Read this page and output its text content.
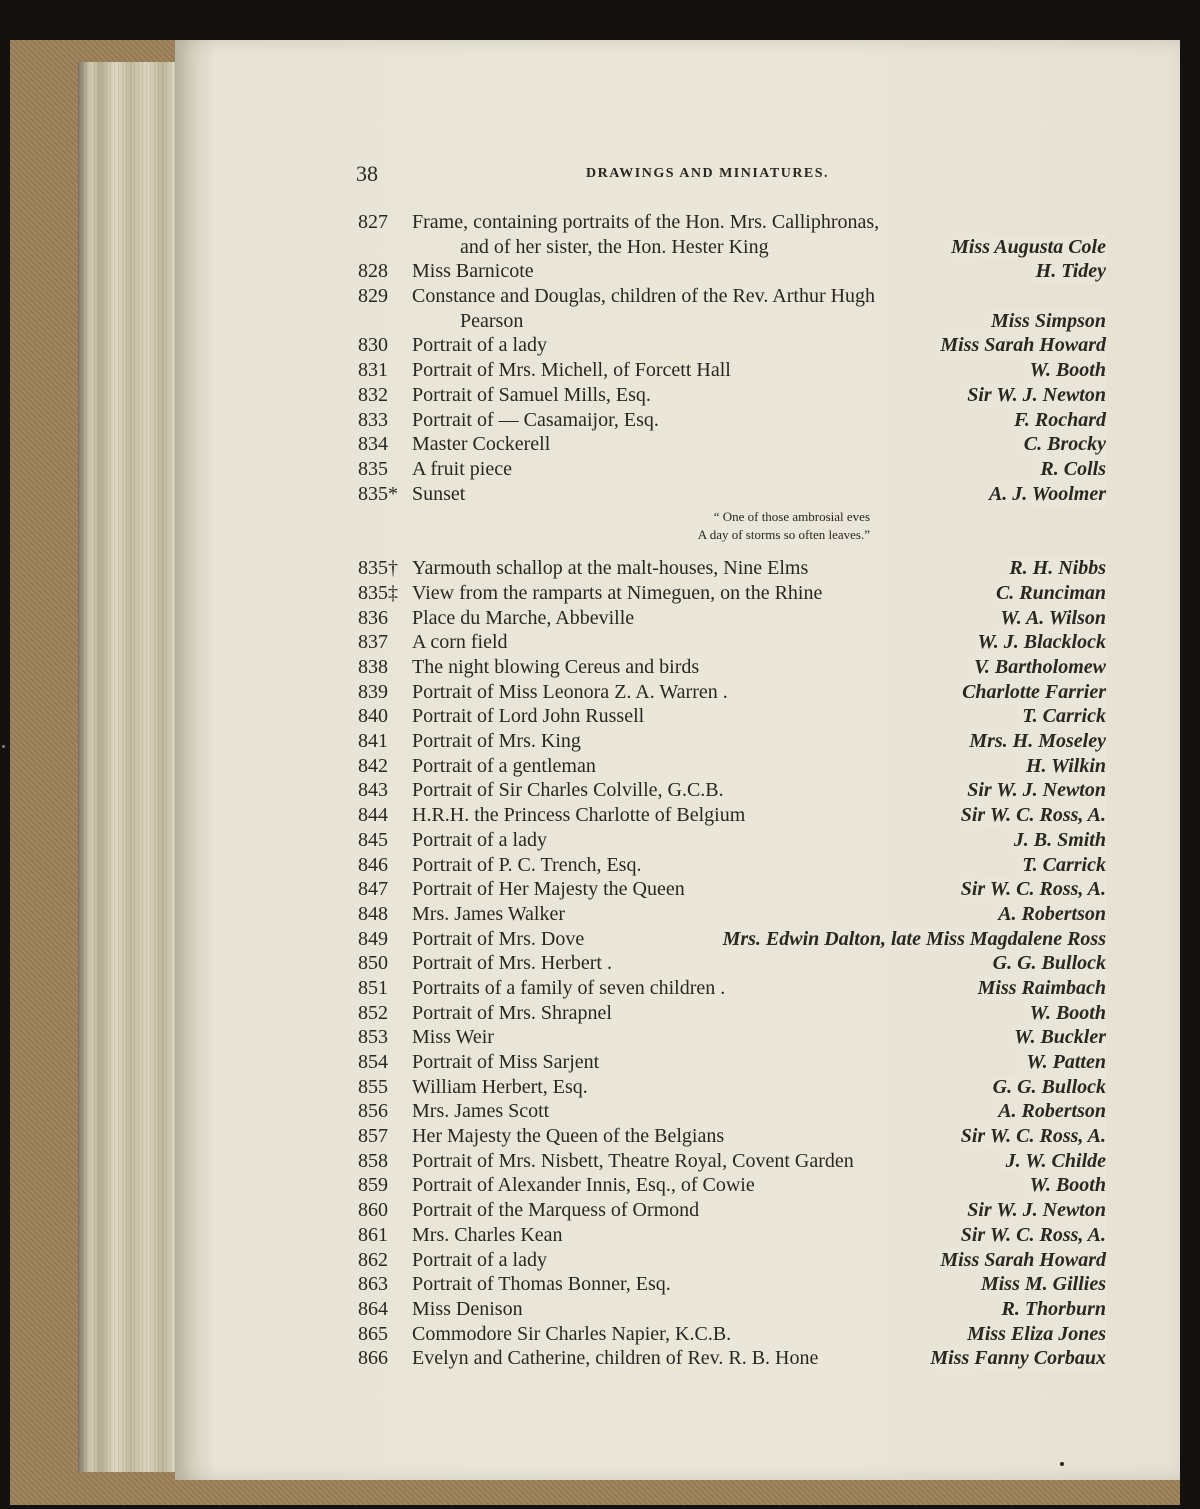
38	DRAWINGS AND MINIATURES.
827	Frame, containing portraits of the Hon. Mrs. Calliphronas,
and of her sister, the Hon. Hester King	Miss Augusta Cole
828	Miss Barnicote	H. Tidey
829	Constance and Douglas, children of the Rev. Arthur Hugh
Pearson	Miss Simpson
830	Portrait of a lady	Miss Sarah Howard
831	Portrait of Mrs. Michell, of Forcett Hall	W. Booth
832	Portrait of Samuel Mills, Esq.	Sir W. J. Newton
833	Portrait of — Casamaijor, Esq.	F. Rochard
834	Master Cockerell	C. Brocky
835	A fruit piece	R. Colls
835* Sunset	A. J. Woolmer
“ One of those ambrosial eves
A day of storms so often leaves.”
835† Yarmouth schallop at the malt-houses, Nine Elms	R. H. Nibbs
835‡ View from the ramparts at Nimeguen, on the Rhine	C. Runciman
836	Place du Marche, Abbeville	W. A. Wilson
837	A corn field	W. J. Blacklock
838	The night blowing Cereus and birds	V. Bartholomew
839	Portrait of Miss Leonora Z. A. Warren .	Charlotte Farrier
840	Portrait of Lord John Russell	T. Carrick
841	Portrait of Mrs. King	Mrs. H. Moseley
842	Portrait of a gentleman	H. Wilkin
843	Portrait of Sir Charles Colville, G.C.B.	Sir W. J. Newton
844	H.R.H. the Princess Charlotte of Belgium	Sir W. C. Ross, A.
845	Portrait of a lady	J. B. Smith
846	Portrait of P. C. Trench, Esq.	T. Carrick
847	Portrait of Her Majesty the Queen	Sir W. C. Ross, A.
848	Mrs. James Walker	A. Robertson
849	Portrait of Mrs. Dove	Mrs. Edwin Dalton, late Miss Magdalene Ross
850	Portrait of Mrs. Herbert .	G. G. Bullock
851	Portraits of a family of seven children .	Miss Raimbach
852	Portrait of Mrs. Shrapnel	W. Booth
853	Miss Weir	W. Buckler
854	Portrait of Miss Sarjent	W. Patten
855	William Herbert, Esq.	G. G. Bullock
856	Mrs. James Scott	A. Robertson
857	Her Majesty the Queen of the Belgians	Sir W. C. Ross, A.
858	Portrait of Mrs. Nisbett, Theatre Royal, Covent Garden	J. W. Childe
859	Portrait of Alexander Innis, Esq., of Cowie	W. Booth
860	Portrait of the Marquess of Ormond	Sir W. J. Newton
861	Mrs. Charles Kean	Sir W. C. Ross, A.
862	Portrait of a lady	Miss Sarah Howard
863	Portrait of Thomas Bonner, Esq.	Miss M. Gillies
864	Miss Denison	R. Thorburn
865	Commodore Sir Charles Napier, K.C.B.	Miss Eliza Jones
866	Evelyn and Catherine, children of Rev. R. B. Hone	Miss Fanny Corbaux
